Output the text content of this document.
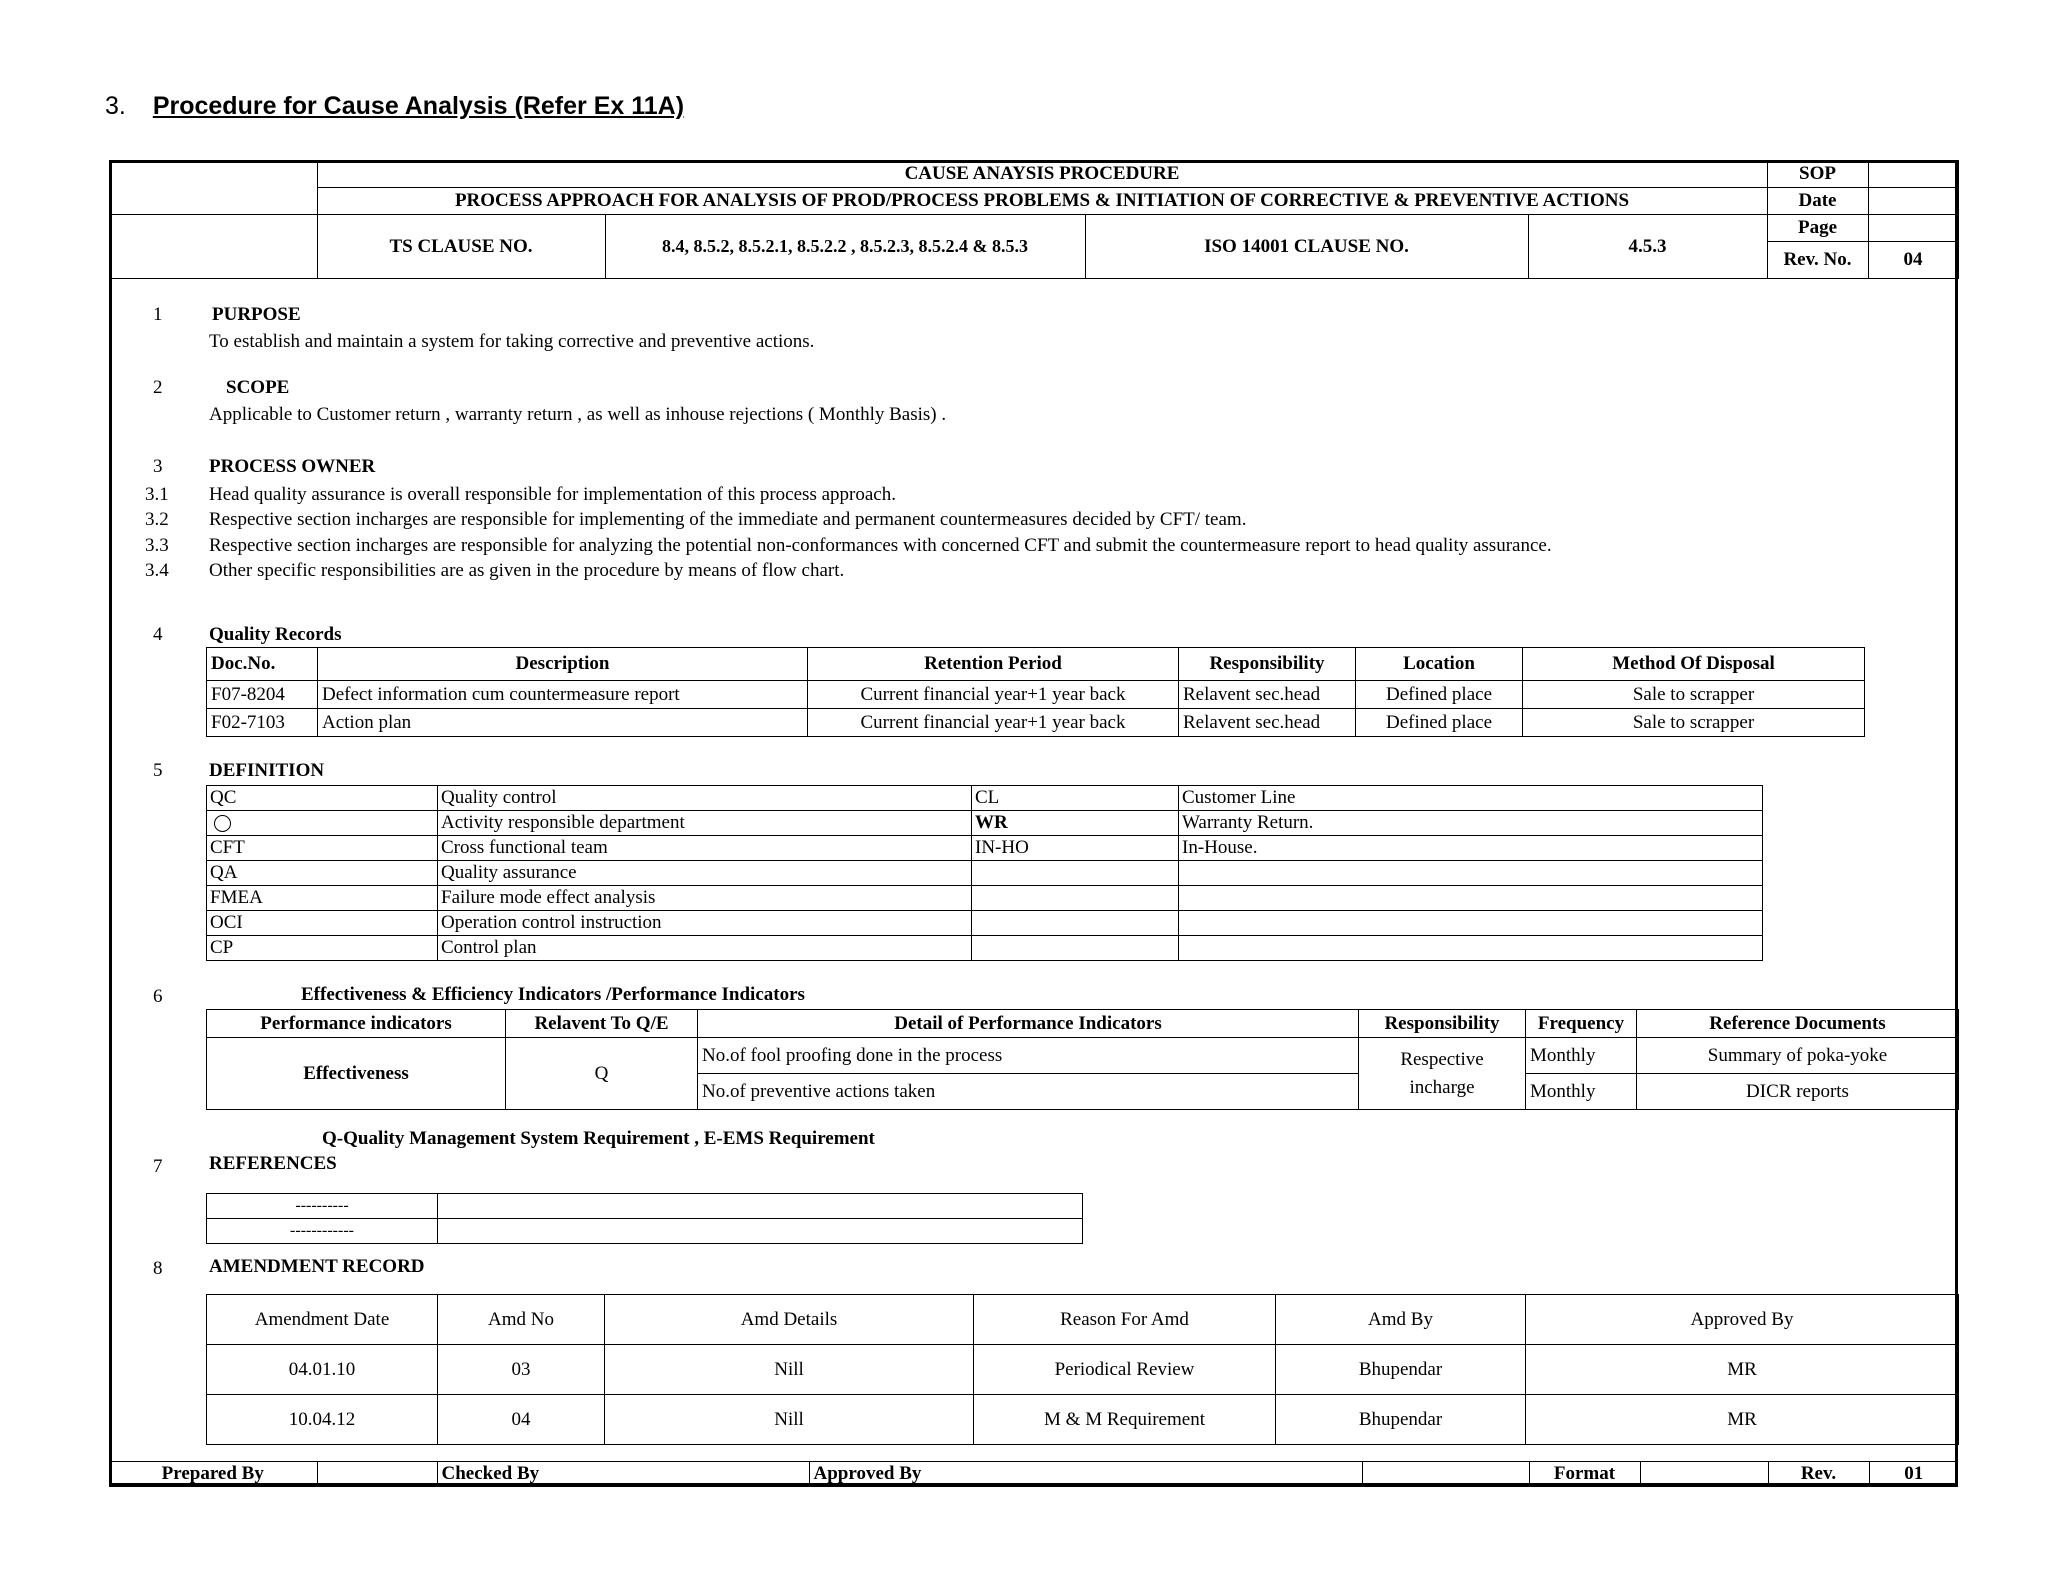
3. Procedure for Cause Analysis (Refer Ex 11A)
	CAUSE ANAYSIS PROCEDURE				SOP	
	PROCESS APPROACH FOR ANALYSIS OF PROD/PROCESS PROBLEMS & INITIATION OF CORRECTIVE & PREVENTIVE ACTIONS				Date	
	TS CLAUSE NO.	8.4, 8.5.2, 8.5.2.1, 8.5.2.2 , 8.5.2.3, 8.5.2.4 & 8.5.3	ISO 14001 CLAUSE NO.	4.5.3	Page	
					Rev. No.	04
1	PURPOSE
To establish and maintain a system for taking corrective and preventive actions.
2	SCOPE
Applicable to Customer return , warranty return , as well as inhouse rejections ( Monthly Basis) .
3 PROCESS OWNER
3.1 Head quality assurance is overall responsible for implementation of this process approach.
3.2 Respective section incharges are responsible for implementing of the immediate and permanent countermeasures decided by CFT/ team.
3.3 Respective section incharges are responsible for analyzing the potential non-conformances with concerned CFT and submit the countermeasure report to head quality assurance.
3.4 Other specific responsibilities are as given in the procedure by means of flow chart.
4 Quality Records
Doc.No.	Description	Retention Period	Responsibility	Location	Method Of Disposal
F07-8204	Defect information cum countermeasure report	Current financial year+1 year back	Relavent sec.head	Defined place	Sale to scrapper
F02-7103	Action plan	Current financial year+1 year back	Relavent sec.head	Defined place	Sale to scrapper
5 DEFINITION
QC	Quality control	CL	Customer Line
	Activity responsible department	WR	Warranty Return.
CFT	Cross functional team	IN-HO	In-House.
QA	Quality assurance		
FMEA	Failure mode effect analysis		
OCI	Operation control instruction		
CP	Control plan		
6	Effectiveness & Efficiency Indicators /Performance Indicators
Performance indicators	Relavent To Q/E	Detail of Performance Indicators	Responsibility	Frequency	Reference Documents
Effectiveness	Q	No.of fool proofing done in the process	Respective incharge	Monthly	Summary of poka-yoke
		No.of preventive actions taken		Monthly	DICR reports
Q-Quality Management System Requirement , E-EMS Requirement
7 REFERENCES
----------	
------------	
8 AMENDMENT RECORD
Amendment Date	Amd No	Amd Details	Reason For Amd	Amd By	Approved By
04.01.10	03	Nill	Periodical Review	Bhupendar	MR
10.04.12	04	Nill	M & M Requirement	Bhupendar	MR
Prepared By		Checked By	Approved By		Format		Rev.	01
